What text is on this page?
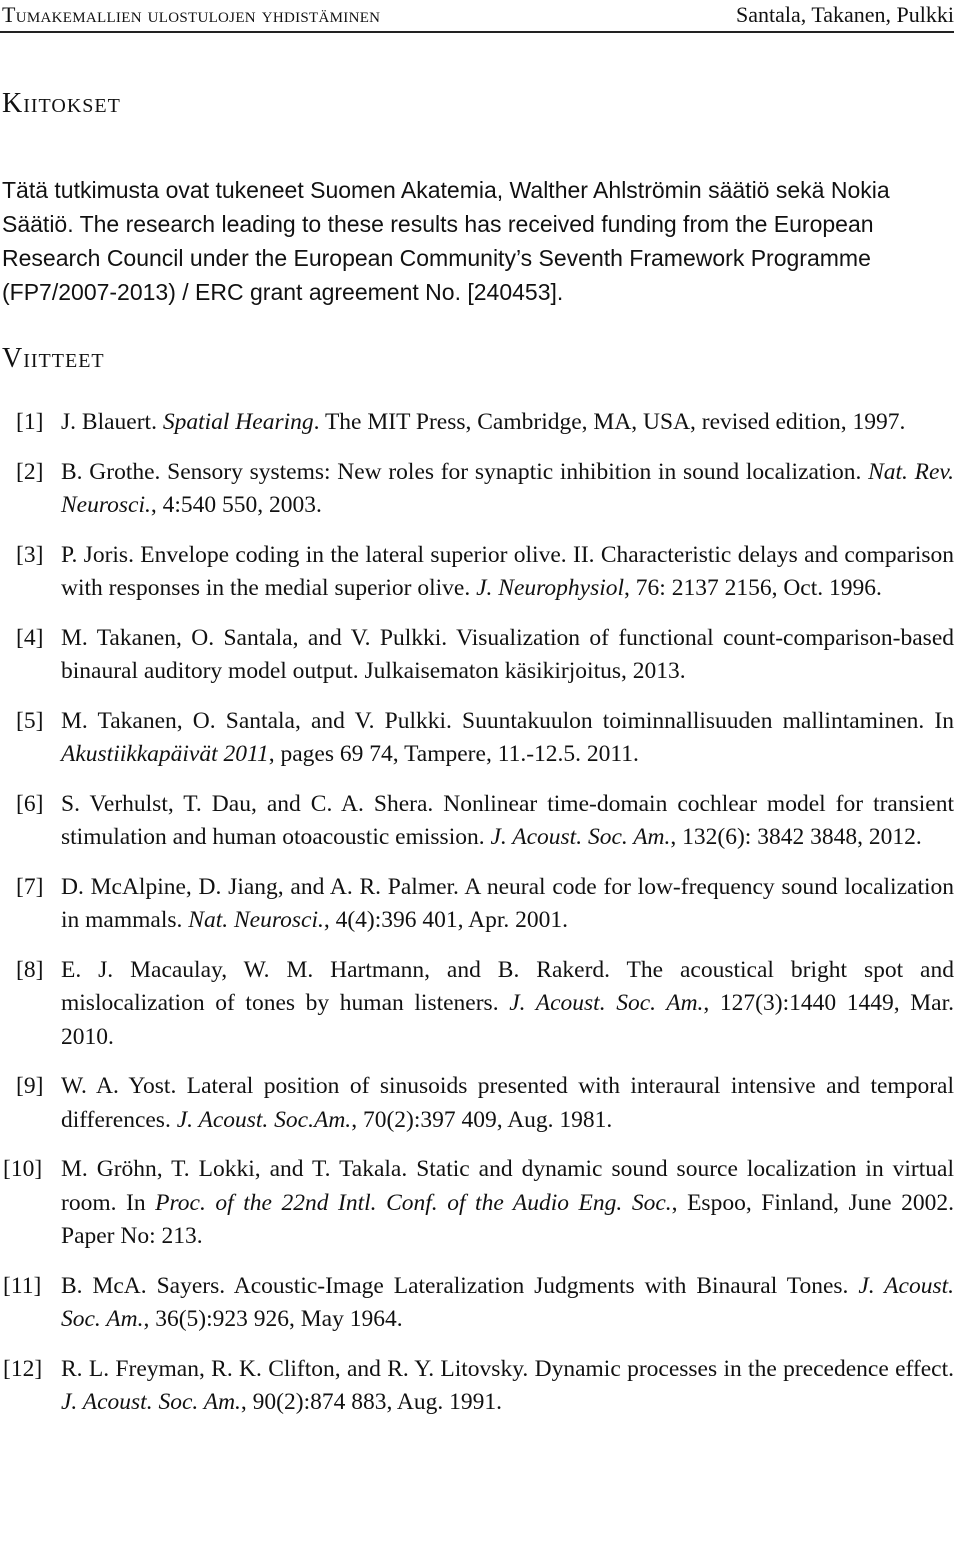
Tumakemallien ulostulojen yhdistäminen	Santala, Takanen, Pulkki
Kiitokset

Tätä tutkimusta ovat tukeneet Suomen Akatemia, Walther Ahlströmin säätiö sekä Nokia Säätiö. The research leading to these results has received funding from the European Research Council under the European Community’s Seventh Framework Programme (FP7/2007-2013) / ERC grant agreement No. [240453].

Viitteet
[1] J. Blauert. Spatial Hearing. The MIT Press, Cambridge, MA, USA, revised edition, 1997.
[2] B. Grothe. Sensory systems: New roles for synaptic inhibition in sound localization. Nat. Rev. Neurosci., 4:540 550, 2003.
[3] P. Joris. Envelope coding in the lateral superior olive. II. Characteristic delays and comparison with responses in the medial superior olive. J. Neurophysiol, 76: 2137 2156, Oct. 1996.
[4] M. Takanen, O. Santala, and V. Pulkki. Visualization of functional count-comparison-based binaural auditory model output. Julkaisematon käsikirjoitus, 2013.
[5] M. Takanen, O. Santala, and V. Pulkki. Suuntakuulon toiminnallisuuden mallintaminen. In Akustiikkapäivät 2011, pages 69 74, Tampere, 11.-12.5. 2011.
[6] S. Verhulst, T. Dau, and C. A. Shera. Nonlinear time-domain cochlear model for transient stimulation and human otoacoustic emission. J. Acoust. Soc. Am., 132(6): 3842 3848, 2012.
[7] D. McAlpine, D. Jiang, and A. R. Palmer. A neural code for low-frequency sound localization in mammals. Nat. Neurosci., 4(4):396 401, Apr. 2001.
[8] E. J. Macaulay, W. M. Hartmann, and B. Rakerd. The acoustical bright spot and mislocalization of tones by human listeners. J. Acoust. Soc. Am., 127(3):1440 1449, Mar. 2010.
[9] W. A. Yost. Lateral position of sinusoids presented with interaural intensive and temporal differences. J. Acoust. Soc.Am., 70(2):397 409, Aug. 1981.
[10] M. Gröhn, T. Lokki, and T. Takala. Static and dynamic sound source localization in virtual room. In Proc. of the 22nd Intl. Conf. of the Audio Eng. Soc., Espoo, Finland, June 2002. Paper No: 213.
[11] B. McA. Sayers. Acoustic-Image Lateralization Judgments with Binaural Tones. J. Acoust. Soc. Am., 36(5):923 926, May 1964.
[12] R. L. Freyman, R. K. Clifton, and R. Y. Litovsky. Dynamic processes in the precedence effect. J. Acoust. Soc. Am., 90(2):874 883, Aug. 1991.
